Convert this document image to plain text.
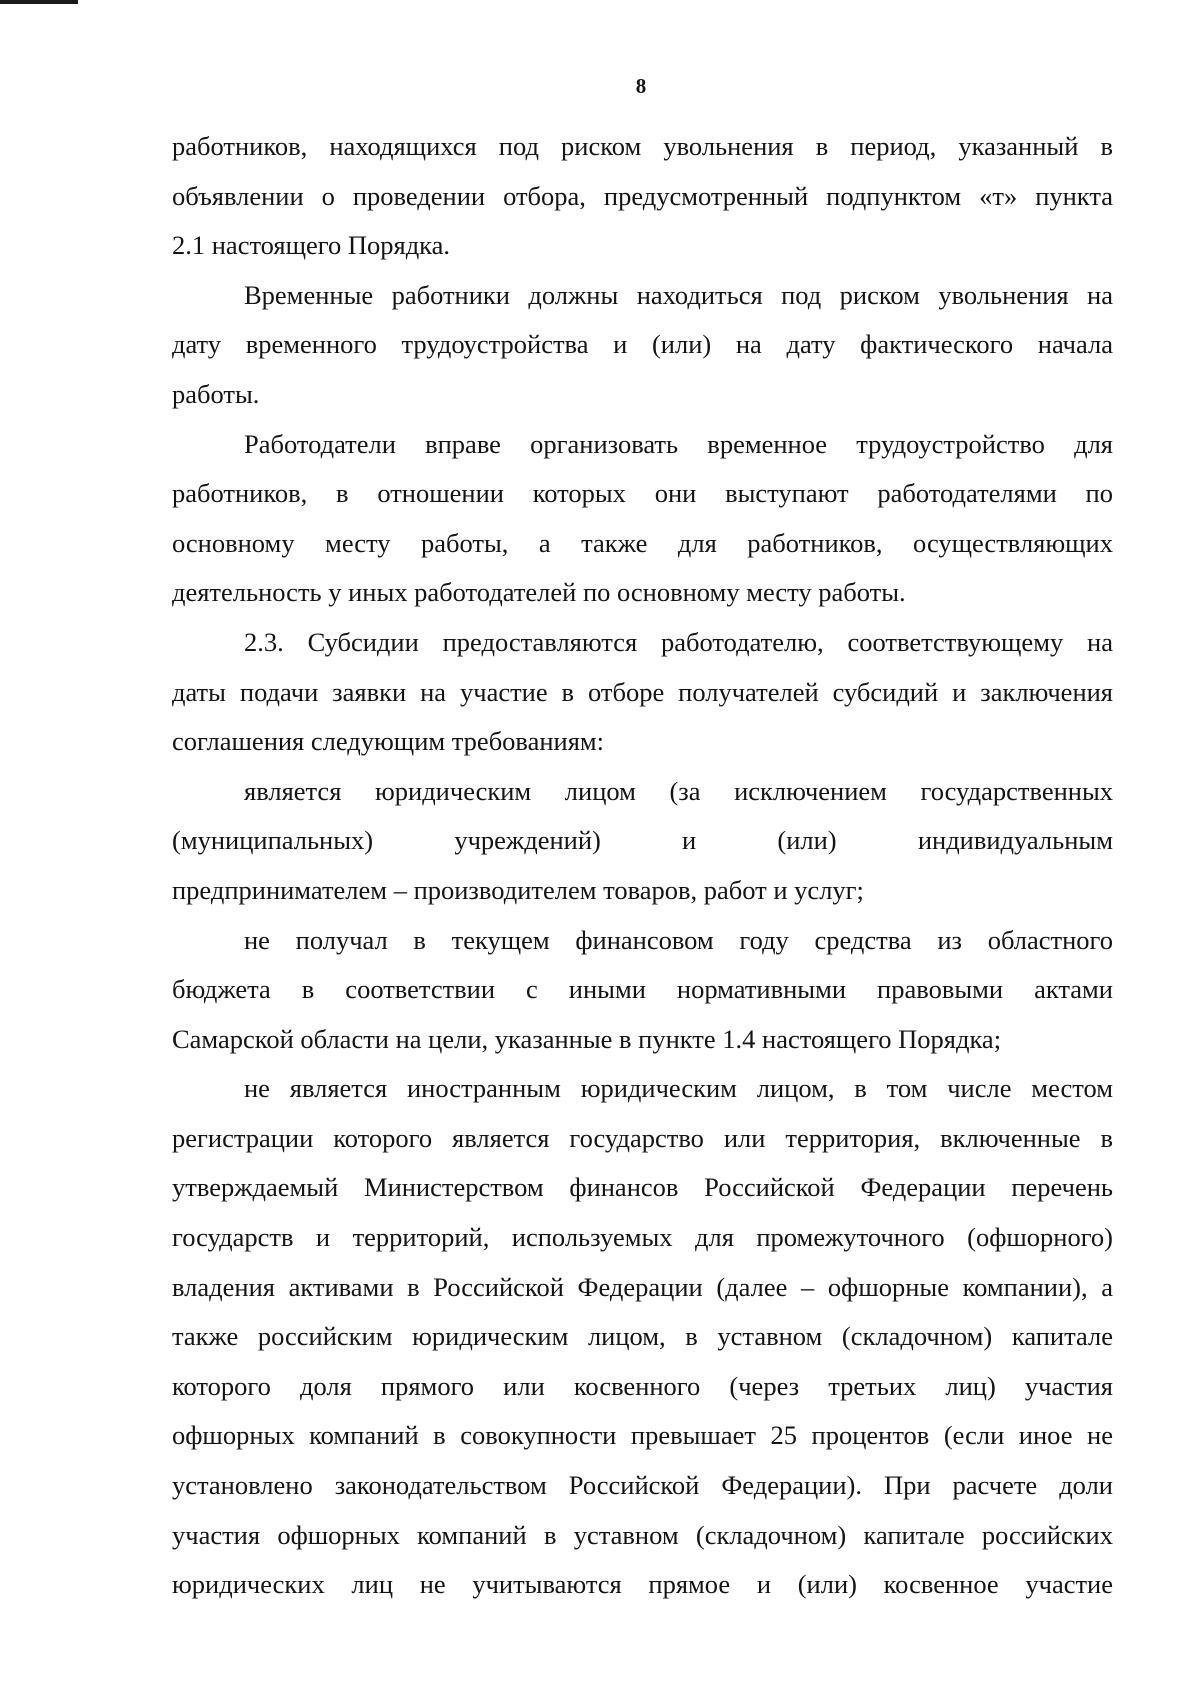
8
работников, находящихся под риском увольнения в период, указанный в
объявлении о проведении отбора, предусмотренный подпунктом «т» пункта
2.1 настоящего Порядка.
Временные работники должны находиться под риском увольнения на
дату временного трудоустройства и (или) на дату фактического начала
работы.
Работодатели вправе организовать временное трудоустройство для
работников, в отношении которых они выступают работодателями по
основному месту работы, а также для работников, осуществляющих
деятельность у иных работодателей по основному месту работы.
2.3. Субсидии предоставляются работодателю, соответствующему на
даты подачи заявки на участие в отборе получателей субсидий и заключения
соглашения следующим требованиям:
является юридическим лицом (за исключением государственных
(муниципальных) учреждений) и (или) индивидуальным
предпринимателем – производителем товаров, работ и услуг;
не получал в текущем финансовом году средства из областного
бюджета в соответствии с иными нормативными правовыми актами
Самарской области на цели, указанные в пункте 1.4 настоящего Порядка;
не является иностранным юридическим лицом, в том числе местом
регистрации которого является государство или территория, включенные в
утверждаемый Министерством финансов Российской Федерации перечень
государств и территорий, используемых для промежуточного (офшорного)
владения активами в Российской Федерации (далее – офшорные компании), а
также российским юридическим лицом, в уставном (складочном) капитале
которого доля прямого или косвенного (через третьих лиц) участия
офшорных компаний в совокупности превышает 25 процентов (если иное не
установлено законодательством Российской Федерации). При расчете доли
участия офшорных компаний в уставном (складочном) капитале российских
юридических лиц не учитываются прямое и (или) косвенное участие
